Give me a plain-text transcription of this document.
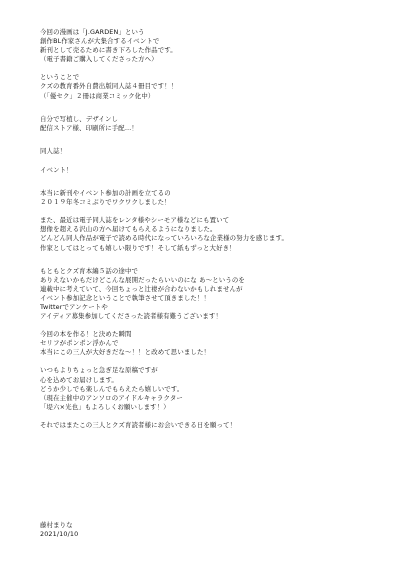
今回の漫画は「J.GARDEN」という
創作BL作家さんが大集合するイベントで
新刊として売るために書き下ろした作品です。
（電子書籍ご購入してくださった方へ）
ということで
クズの教育番外自費出版同人誌４冊目です！！
（「優セク」２冊は商業コミック化中）
自分で写植し、デザインし
配信ストア様、印刷所に手配…！
同人誌！
イベント！
本当に新刊やイベント参加の計画を立てるの
２０１９年冬コミぶりでワクワクしました！
また、最近は電子同人誌をレンタ様やシーモア様などにも置いて
想像を超える沢山の方へ届けてもらえるようになりました。
どんどん同人作品が電子で読める時代になっていろいろな企業様の努力を感じます。
作家としてはとっても嬉しい限りです！そして紙もずっと大好き！
もともとクズ育本編５話の途中で
ありえないかもだけどこんな展開だったらいいのにな あ〜というのを
連載中に考えていて、今回ちょっと辻褄が合わないかもしれませんが
イベント参加記念ということで執筆させて頂きました！！
Twitterでアンケートや
アイディア募集参加してくださった読者様有難うございます！
今回の本を作る！と決めた瞬間
セリフがポンポン浮かんで
本当にこの三人が大好きだな〜！！と改めて思いました！
いつもよりちょっと急ぎ足な原稿ですが
心を込めてお届けします。
どうか少しでも楽しんでもらえたら嬉しいです。
（現在主催中のアンソロのアイドルキャラクター
「堤六×光也」もよろしくお願いします！）
それではまたこの三人とクズ育読者様にお会いできる日を願って！
藤村まりな
2021/10/10
